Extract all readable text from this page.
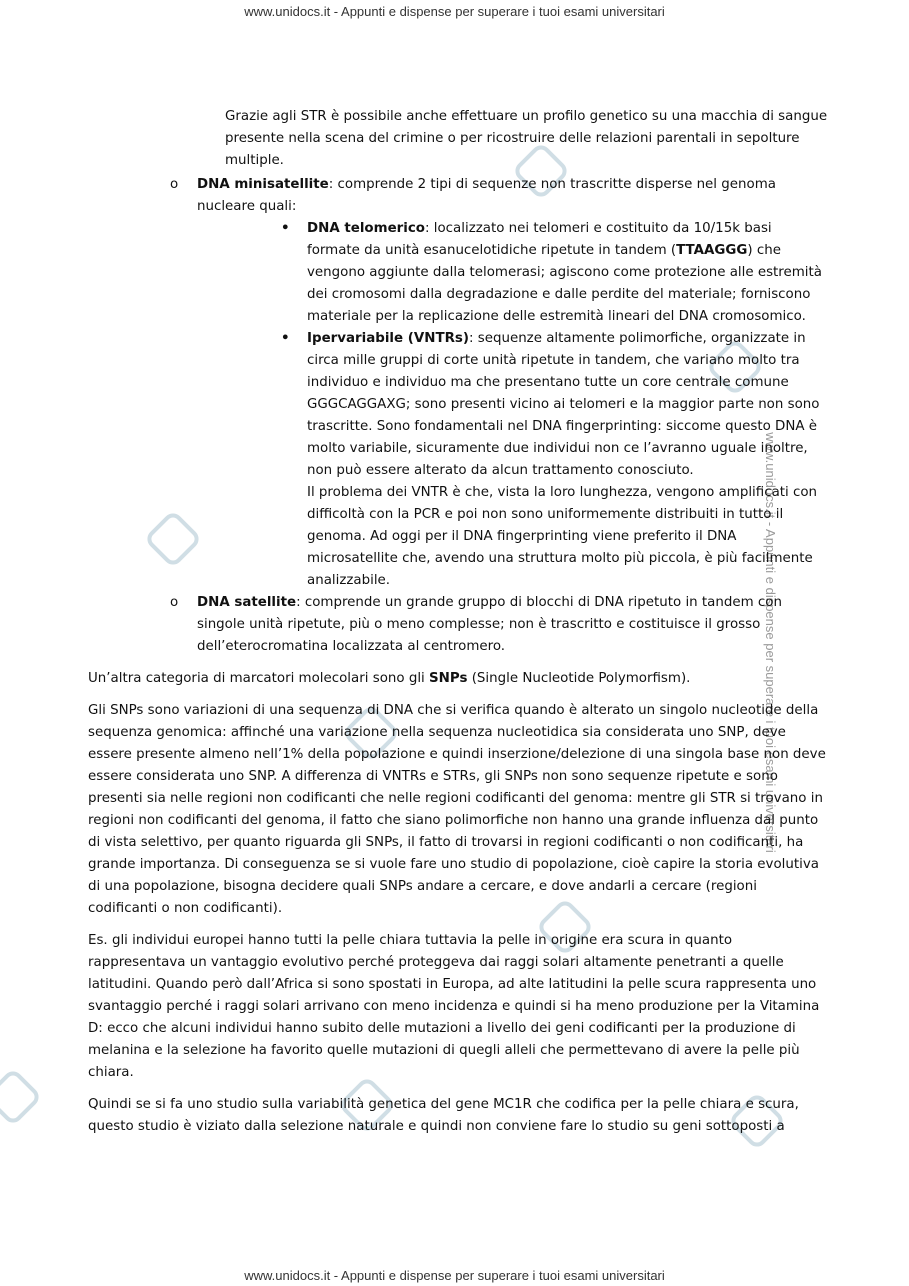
www.unidocs.it - Appunti e dispense per superare i tuoi esami universitari
www.unidocs.it - Appunti e dispense per superare i tuoi esami universitari

Grazie agli STR è possibile anche effettuare un profilo genetico su una macchia di sangue presente nella scena del crimine o per ricostruire delle relazioni parentali in sepolture multiple.

o DNA minisatellite: comprende 2 tipi di sequenze non trascritte disperse nel genoma nucleare quali:

• DNA telomerico: localizzato nei telomeri e costituito da 10/15k basi formate da unità esanucelotidiche ripetute in tandem (TTAAGGG) che vengono aggiunte dalla telomerasi; agiscono come protezione alle estremità dei cromosomi dalla degradazione e dalle perdite del materiale; forniscono materiale per la replicazione delle estremità lineari del DNA cromosomico.

• Ipervariabile (VNTRs): sequenze altamente polimorfiche, organizzate in circa mille gruppi di corte unità ripetute in tandem, che variano molto tra individuo e individuo ma che presentano tutte un core centrale comune GGGCAGGAXG; sono presenti vicino ai telomeri e la maggior parte non sono trascritte. Sono fondamentali nel DNA fingerprinting: siccome questo DNA è molto variabile, sicuramente due individui non ce l’avranno uguale inoltre, non può essere alterato da alcun trattamento conosciuto.

Il problema dei VNTR è che, vista la loro lunghezza, vengono amplificati con difficoltà con la PCR e poi non sono uniformemente distribuiti in tutto il genoma. Ad oggi per il DNA fingerprinting viene preferito il DNA microsatellite che, avendo una struttura molto più piccola, è più facilmente analizzabile.

o DNA satellite: comprende un grande gruppo di blocchi di DNA ripetuto in tandem con singole unità ripetute, più o meno complesse; non è trascritto e costituisce il grosso dell’eterocromatina localizzata al centromero.

Un’altra categoria di marcatori molecolari sono gli SNPs (Single Nucleotide Polymorfism).

Gli SNPs sono variazioni di una sequenza di DNA che si verifica quando è alterato un singolo nucleotide della sequenza genomica: affinché una variazione nella sequenza nucleotidica sia considerata uno SNP, deve essere presente almeno nell’1% della popolazione e quindi inserzione/delezione di una singola base non deve essere considerata uno SNP. A differenza di VNTRs e STRs, gli SNPs non sono sequenze ripetute e sono presenti sia nelle regioni non codificanti che nelle regioni codificanti del genoma: mentre gli STR si trovano in regioni non codificanti del genoma, il fatto che siano polimorfiche non hanno una grande influenza dal punto di vista selettivo, per quanto riguarda gli SNPs, il fatto di trovarsi in regioni codificanti o non codificanti, ha grande importanza. Di conseguenza se si vuole fare uno studio di popolazione, cioè capire la storia evolutiva di una popolazione, bisogna decidere quali SNPs andare a cercare, e dove andarli a cercare (regioni codificanti o non codificanti).

Es. gli individui europei hanno tutti la pelle chiara tuttavia la pelle in origine era scura in quanto rappresentava un vantaggio evolutivo perché proteggeva dai raggi solari altamente penetranti a quelle latitudini. Quando però dall’Africa si sono spostati in Europa, ad alte latitudini la pelle scura rappresenta uno svantaggio perché i raggi solari arrivano con meno incidenza e quindi si ha meno produzione per la Vitamina D: ecco che alcuni individui hanno subito delle mutazioni a livello dei geni codificanti per la produzione di melanina e la selezione ha favorito quelle mutazioni di quegli alleli che permettevano di avere la pelle più chiara.

Quindi se si fa uno studio sulla variabilità genetica del gene MC1R che codifica per la pelle chiara e scura, questo studio è viziato dalla selezione naturale e quindi non conviene fare lo studio su geni sottoposti a

www.unidocs.it - Appunti e dispense per superare i tuoi esami universitari
